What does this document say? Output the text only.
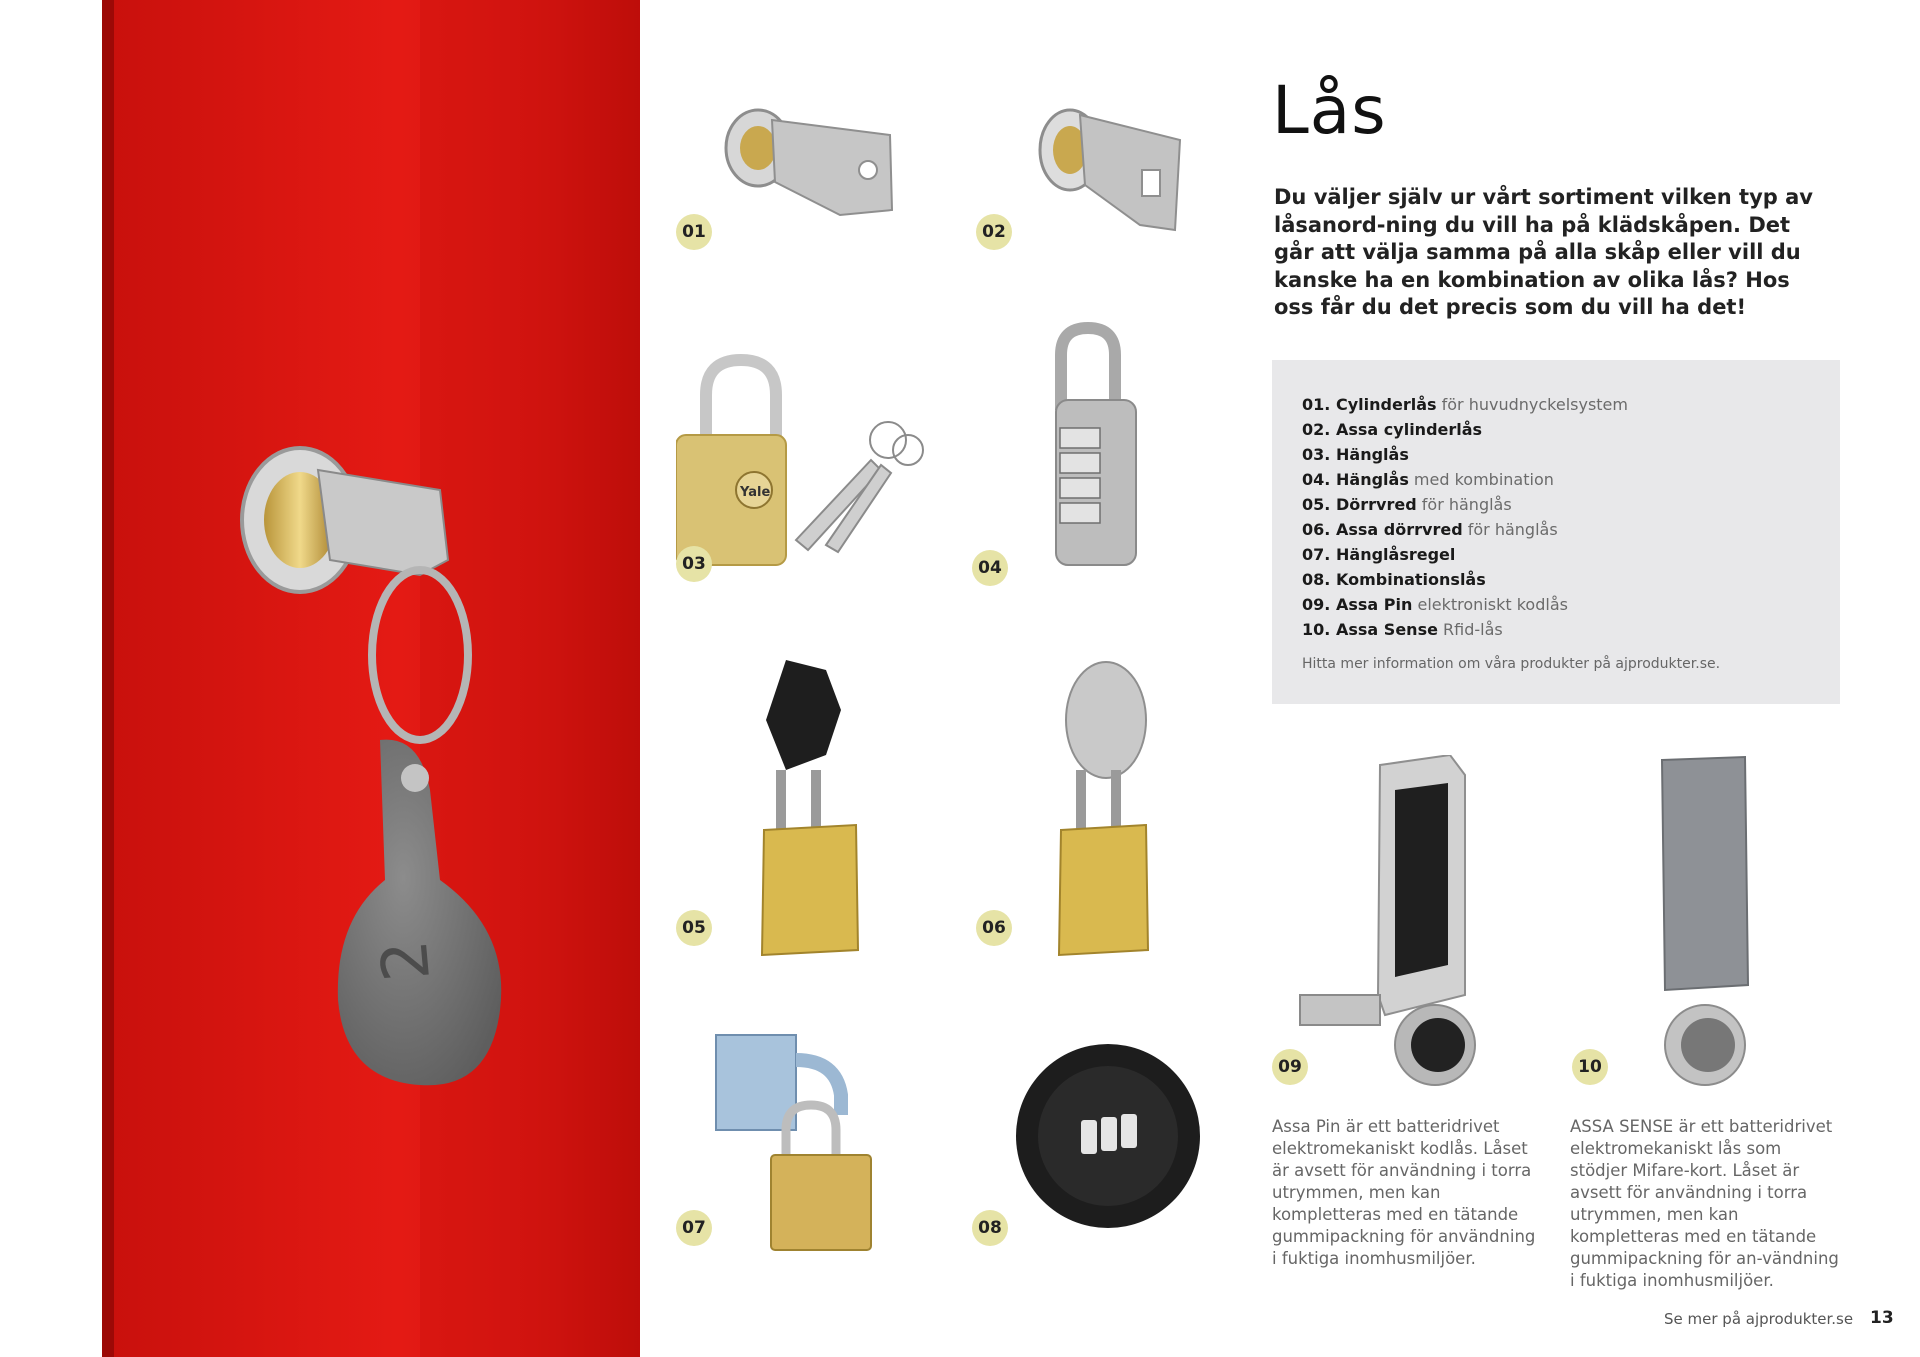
2
01	02
Yale
03	04
05	06
07	08
Lås

Du väljer själv ur vårt sortiment vilken typ av låsanord-ning du vill ha på klädskåpen. Det går att välja samma på alla skåp eller vill du kanske ha en kombination av olika lås? Hos oss får du det precis som du vill ha det!

01. Cylinderlås för huvudnyckelsystem
02. Assa cylinderlås
03. Hänglås
04. Hänglås med kombination
05. Dörrvred för hänglås
06. Assa dörrvred för hänglås
07. Hänglåsregel
08. Kombinationslås
09. Assa Pin elektroniskt kodlås
10. Assa Sense Rfid-lås
Hitta mer information om våra produkter på ajprodukter.se.
09	10

Assa Pin är ett batteridrivet elektromekaniskt kodlås. Låset är avsett för användning i torra utrymmen, men kan kompletteras med en tätande gummipackning för användning i fuktiga inomhusmiljöer.

ASSA SENSE är ett batteridrivet elektromekaniskt lås som stödjer Mifare-kort. Låset är avsett för användning i torra utrymmen, men kan kompletteras med en tätande gummipackning för an-vändning i fuktiga inomhusmiljöer.

Se mer på ajprodukter.se 13
